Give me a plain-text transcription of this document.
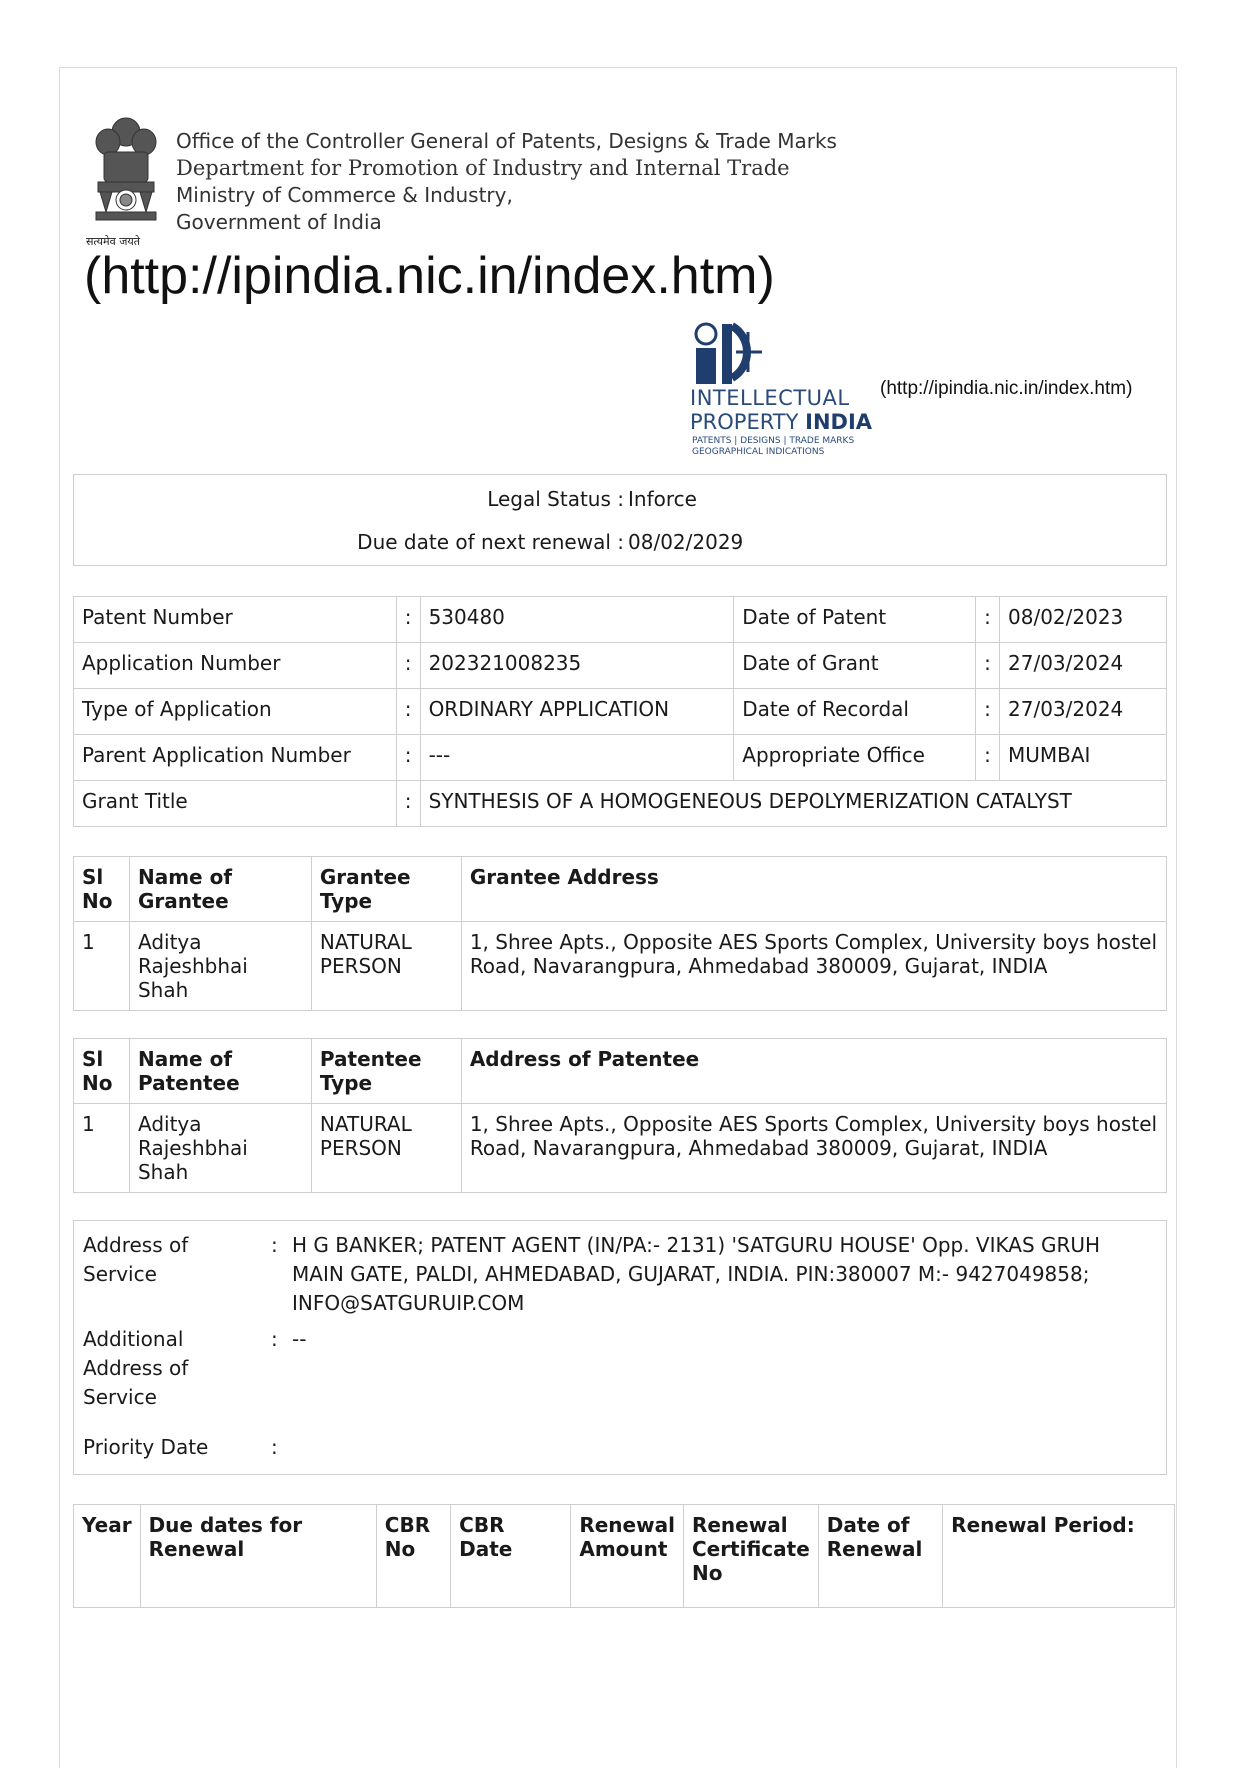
सत्यमेव जयते
Office of the Controller General of Patents, Designs & Trade Marks
Department for Promotion of Industry and Internal Trade
Ministry of Commerce & Industry,
Government of India
(http://ipindia.nic.in/index.htm)
INTELLECTUAL
PROPERTY INDIA
PATENTS | DESIGNS | TRADE MARKS
GEOGRAPHICAL INDICATIONS
(http://ipindia.nic.in/index.htm)
Legal Status : Inforce
Due date of next renewal : 08/02/2029
Patent Number	:	530480	Date of Patent	:	08/02/2023
Application Number	:	202321008235	Date of Grant	:	27/03/2024
Type of Application	:	ORDINARY APPLICATION	Date of Recordal	:	27/03/2024
Parent Application Number	:	---	Appropriate Office	:	MUMBAI
Grant Title	:	SYNTHESIS OF A HOMOGENEOUS DEPOLYMERIZATION CATALYST			
Sl No	Name of Grantee	Grantee Type	Grantee Address
1	Aditya Rajeshbhai Shah	NATURAL PERSON	1, Shree Apts., Opposite AES Sports Complex, University boys hostel Road, Navarangpura, Ahmedabad 380009, Gujarat, INDIA
Sl No	Name of Patentee	Patentee Type	Address of Patentee
1	Aditya Rajeshbhai Shah	NATURAL PERSON	1, Shree Apts., Opposite AES Sports Complex, University boys hostel Road, Navarangpura, Ahmedabad 380009, Gujarat, INDIA
Address of Service
: H G BANKER; PATENT AGENT (IN/PA:- 2131) 'SATGURU HOUSE' Opp. VIKAS GRUH MAIN GATE, PALDI, AHMEDABAD, GUJARAT, INDIA. PIN:380007 M:- 9427049858; INFO@SATGURUIP.COM
Additional Address of Service
: --
Priority Date	:
Year	Due dates for Renewal	CBR No	CBR Date	Renewal Amount	Renewal Certificate No	Date of Renewal	Renewal Period:
